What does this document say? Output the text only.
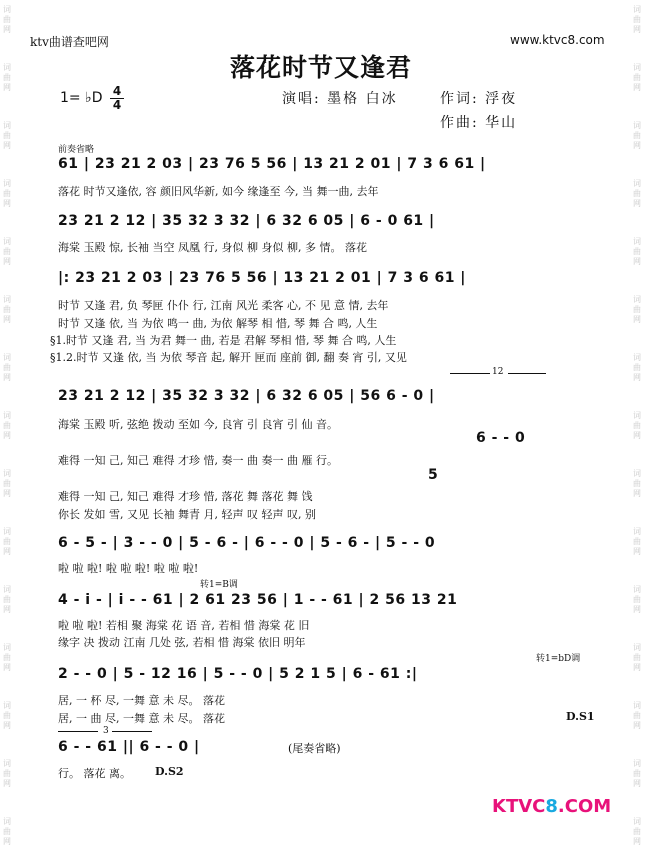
词
曲
网
词
曲
网
词
曲
网
词
曲
网
词
曲
网
词
曲
网
词
曲
网
词
曲
网
词
曲
网
词
曲
网
词
曲
网
词
曲
网
词
曲
网
词
曲
网
词
曲
网
词
曲
网
词
曲
网
词
曲
网
词
曲
网
词
曲
网
词
曲
网
词
曲
网
词
曲
网
词
曲
网
词
曲
网
词
曲
网
词
曲
网
词
曲
网
词
曲
网
词
曲
网
ktv曲谱查吧网	www.ktvc8.com
落花时节又逢君
1= ♭D 4
4	演唱: 墨格 白冰	作词: 浮夜
作曲: 华山
前奏省略
61 | 23 21 2 03 | 23 76 5 56 | 13 21 2 01 | 7 3 6 61 |
落花 时节又逢依, 容 颜旧风华新, 如今 缘逢至 今, 当 舞一曲, 去年
23 21 2 12 | 35 32 3 32 | 6 32 6 05 | 6 - 0 61 |
海棠 玉殿 惊, 长袖 当空 凤凰 行, 身似 柳 身似 柳, 多 情。 落花
|: 23 21 2 03 | 23 76 5 56 | 13 21 2 01 | 7 3 6 61 |
时节 又逢 君, 负 琴匣 仆仆 行, 江南 风光 柔客 心, 不 见 意 情, 去年
时节 又逢 依, 当 为依 鸣一 曲, 为依 解琴 相 惜, 琴 舞 合 鸣, 人生
§1.时节 又逢 君, 当 为君 舞一 曲, 若是 君解 琴相 惜, 琴 舞 合 鸣, 人生
§1.2.时节 又逢 依, 当 为依 琴音 起, 解开 匣而 座前 御, 翻 奏 宵 引, 又见
12
23 21 2 12 | 35 32 3 32 | 6 32 6 05 | 56 6 - 0 |
海棠 玉殿 听, 弦绝 拨动 至如 今, 良宵 引 良宵 引 仙 音。
6 - - 0
难得 一知 己, 知己 难得 才珍 惜, 奏一 曲 奏一 曲 雁 行。
5
难得 一知 己, 知己 难得 才珍 惜, 落花 舞 落花 舞 饯
你长 发如 雪, 又见 长袖 舞青 月, 轻声 叹 轻声 叹, 别
6 - 5 - | 3 - - 0 | 5 - 6 - | 6 - - 0 | 5 - 6 - | 5 - - 0
啦 啦 啦! 啦 啦 啦! 啦 啦 啦!
转1=B调
4 - i - | i - - 61 | 2 61 23 56 | 1 - - 61 | 2 56 13 21
啦 啦 啦! 若相 聚 海棠 花 语 音, 若相 惜 海棠 花 旧
缘字 决 拨动 江南 几处 弦, 若相 惜 海棠 依旧 明年
转1=bD调
2 - - 0 | 5 - 12 16 | 5 - - 0 | 5 2 1 5 | 6 - 61 :|
居, 一 杯 尽, 一舞 意 未 尽。 落花
居, 一 曲 尽, 一舞 意 未 尽。 落花	D.S1
3
6 - - 61 || 6 - - 0 |	(尾奏省略)
行。 落花 离。 D.S2
KTVC8.COM
